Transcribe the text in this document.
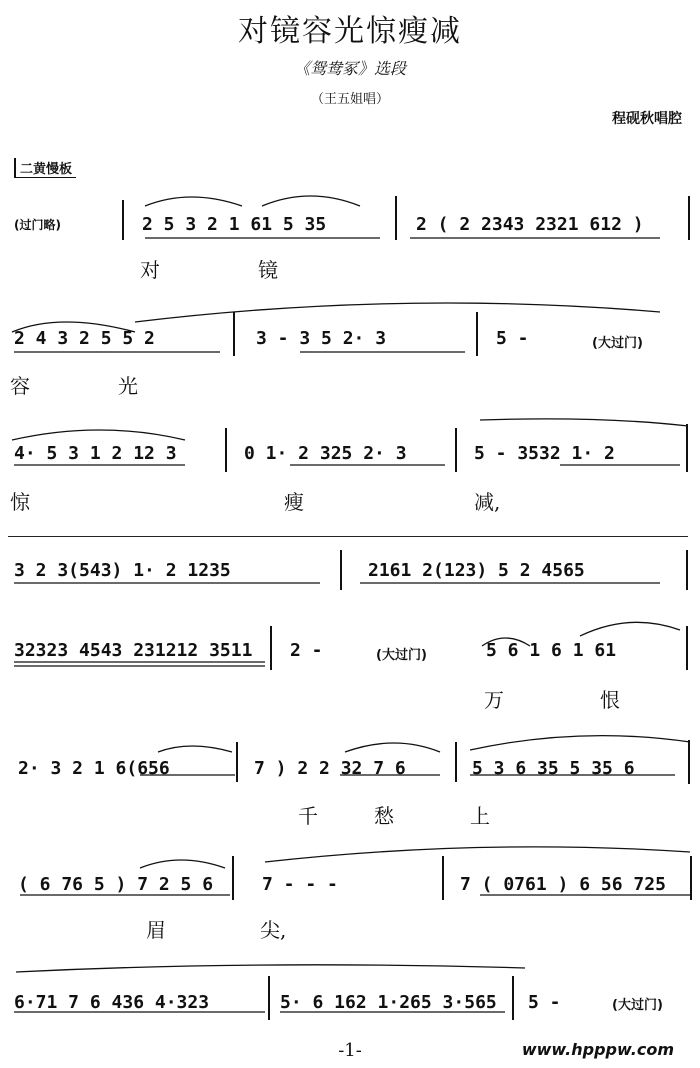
对镜容光惊瘦减
《鸳鸯冢》选段
（王五姐唱）
程砚秋唱腔
二黄慢板
(过门略)	2 5 3 2 1 61 5 35	2 ( 2 2343 2321 612 )
对	镜
2 4 3 2 5 5 2	3 - 3 5 2· 3	5 -	(大过门)
容	光
4· 5 3 1 2 12 3	0 1· 2 325 2· 3	5 - 3532 1· 2
惊	瘦	减,
3 2 3(543) 1· 2 1235	2161 2(123) 5 2 4565
32323 4543 231212 3511 2 -	(大过门)	5 6 1 6 1 61
万	恨
2· 3 2 1 6(656	7 ) 2 2 32 7 6	5 3 6 35 5 35 6
千	愁	上
( 6 76 5 ) 7 2 5 6	7 - - -	7 ( 0761 ) 6 56 725
眉	尖,
6·71 7 6 436 4·323	5· 6 162 1·265 3·565 5 -	(大过门)
-1-	www.hpppw.com
